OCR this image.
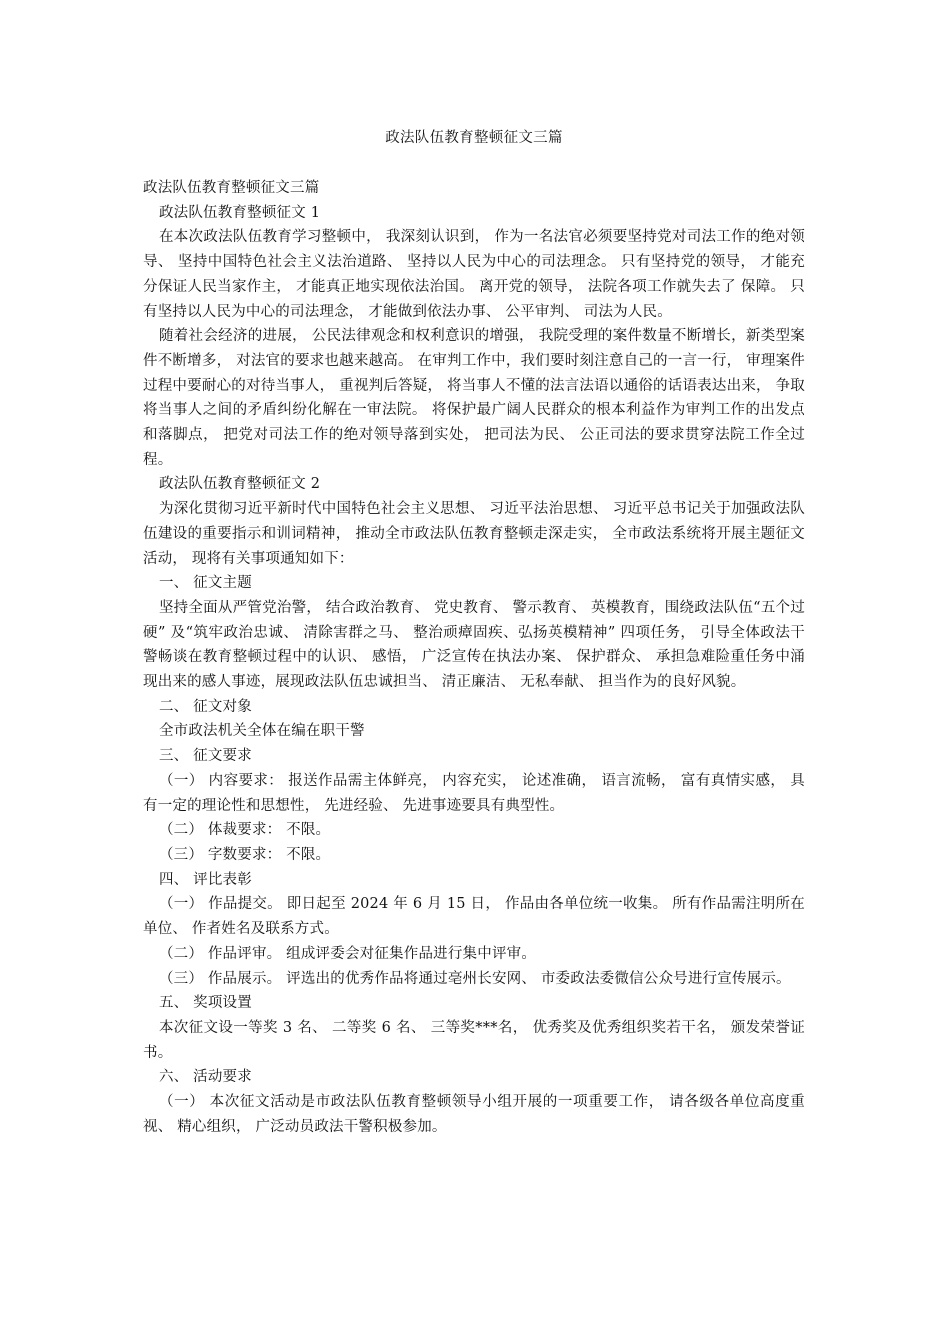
政法队伍教育整顿征文三篇

政法队伍教育整顿征文三篇

政法队伍教育整顿征文 1

在本次政法队伍教育学习整顿中， 我深刻认识到， 作为一名法官必须要坚持党对司法工作的绝对领导、 坚持中国特色社会主义法治道路、 坚持以人民为中心的司法理念。 只有坚持党的领导， 才能充分保证人民当家作主， 才能真正地实现依法治国。 离开党的领导， 法院各项工作就失去了 保障。 只有坚持以人民为中心的司法理念， 才能做到依法办事、 公平审判、 司法为人民。

随着社会经济的进展， 公民法律观念和权利意识的增强， 我院受理的案件数量不断增长，新类型案件不断增多， 对法官的要求也越来越高。 在审判工作中，我们要时刻注意自己的一言一行， 审理案件过程中要耐心的对待当事人， 重视判后答疑， 将当事人不懂的法言法语以通俗的话语表达出来， 争取将当事人之间的矛盾纠纷化解在一审法院。 将保护最广阔人民群众的根本利益作为审判工作的出发点和落脚点， 把党对司法工作的绝对领导落到实处， 把司法为民、 公正司法的要求贯穿法院工作全过程。

政法队伍教育整顿征文 2

为深化贯彻习近平新时代中国特色社会主义思想、 习近平法治思想、 习近平总书记关于加强政法队伍建设的重要指示和训词精神， 推动全市政法队伍教育整顿走深走实， 全市政法系统将开展主题征文活动， 现将有关事项通知如下：

一、 征文主题

坚持全面从严管党治警， 结合政治教育、 党史教育、 警示教育、 英模教育，围绕政法队伍“五个过硬” 及“筑牢政治忠诚、 清除害群之马、 整治顽瘴固疾、弘扬英模精神” 四项任务， 引导全体政法干警畅谈在教育整顿过程中的认识、 感悟， 广泛宣传在执法办案、 保护群众、 承担急难险重任务中涌现出来的感人事迹，展现政法队伍忠诚担当、 清正廉洁、 无私奉献、 担当作为的良好风貌。

二、 征文对象

全市政法机关全体在编在职干警

三、 征文要求

（一） 内容要求： 报送作品需主体鲜亮， 内容充实， 论述准确， 语言流畅， 富有真情实感， 具有一定的理论性和思想性， 先进经验、 先进事迹要具有典型性。

（二） 体裁要求： 不限。

（三） 字数要求： 不限。

四、 评比表彰

（一） 作品提交。 即日起至 2024 年 6 月 15 日， 作品由各单位统一收集。 所有作品需注明所在单位、 作者姓名及联系方式。

（二） 作品评审。 组成评委会对征集作品进行集中评审。

（三） 作品展示。 评选出的优秀作品将通过亳州长安网、 市委政法委微信公众号进行宣传展示。

五、 奖项设置

本次征文设一等奖 3 名、 二等奖 6 名、 三等奖***名， 优秀奖及优秀组织奖若干名， 颁发荣誉证书。

六、 活动要求

（一） 本次征文活动是市政法队伍教育整顿领导小组开展的一项重要工作， 请各级各单位高度重视、 精心组织， 广泛动员政法干警积极参加。
